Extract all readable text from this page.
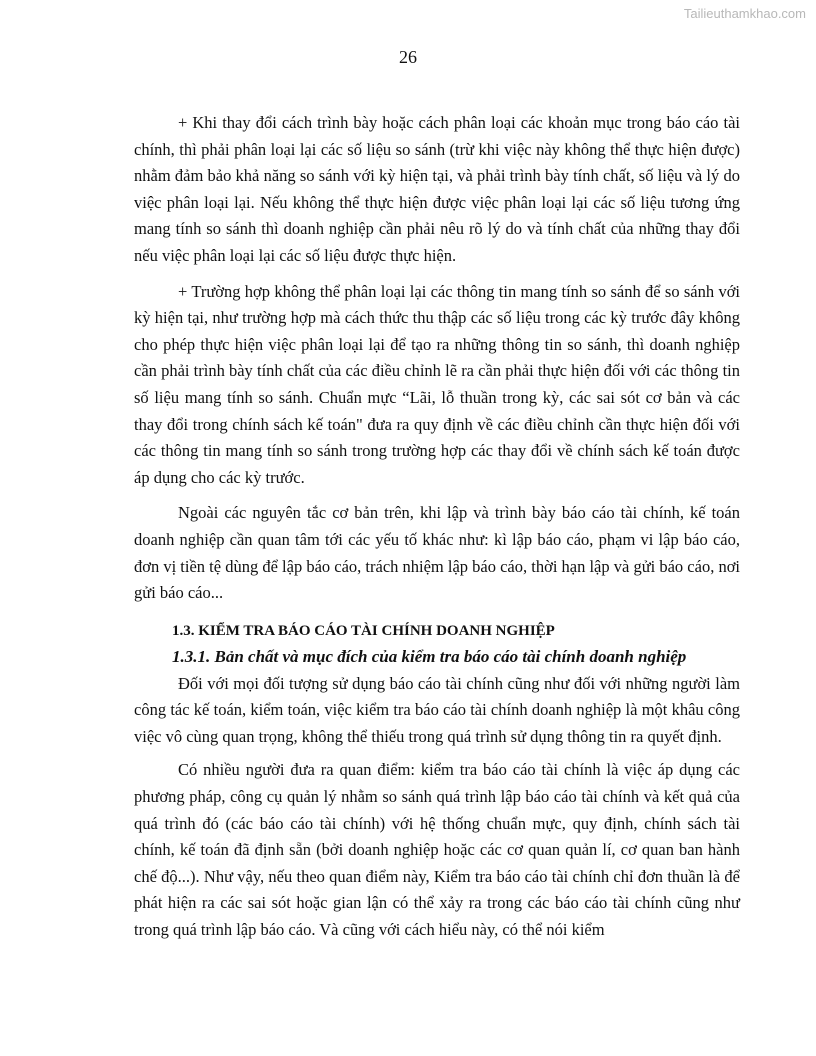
Tailieuthamkhao.com
26

+ Khi thay đổi cách trình bày hoặc cách phân loại các khoản mục trong báo cáo tài chính, thì phải phân loại lại các số liệu so sánh (trừ khi việc này không thể thực hiện được) nhằm đảm bảo khả năng so sánh với kỳ hiện tại, và phải trình bày tính chất, số liệu và lý do việc phân loại lại. Nếu không thể thực hiện được việc phân loại lại các số liệu tương ứng mang tính so sánh thì doanh nghiệp cần phải nêu rõ lý do và tính chất của những thay đổi nếu việc phân loại lại các số liệu được thực hiện.

+ Trường hợp không thể phân loại lại các thông tin mang tính so sánh để so sánh với kỳ hiện tại, như trường hợp mà cách thức thu thập các số liệu trong các kỳ trước đây không cho phép thực hiện việc phân loại lại để tạo ra những thông tin so sánh, thì doanh nghiệp cần phải trình bày tính chất của các điều chỉnh lẽ ra cần phải thực hiện đối với các thông tin số liệu mang tính so sánh. Chuẩn mực “Lãi, lỗ thuần trong kỳ, các sai sót cơ bản và các thay đổi trong chính sách kế toán" đưa ra quy định về các điều chỉnh cần thực hiện đối với các thông tin mang tính so sánh trong trường hợp các thay đổi về chính sách kế toán được áp dụng cho các kỳ trước.

Ngoài các nguyên tắc cơ bản trên, khi lập và trình bày báo cáo tài chính, kế toán doanh nghiệp cần quan tâm tới các yếu tố khác như: kì lập báo cáo, phạm vi lập báo cáo, đơn vị tiền tệ dùng để lập báo cáo, trách nhiệm lập báo cáo, thời hạn lập và gửi báo cáo, nơi gửi báo cáo...

1.3. KIỂM TRA BÁO CÁO TÀI CHÍNH DOANH NGHIỆP
1.3.1. Bản chất và mục đích của kiểm tra báo cáo tài chính doanh nghiệp

Đối với mọi đối tượng sử dụng báo cáo tài chính cũng như đối với những người làm công tác kế toán, kiểm toán, việc kiểm tra báo cáo tài chính doanh nghiệp là một khâu công việc vô cùng quan trọng, không thể thiếu trong quá trình sử dụng thông tin ra quyết định.

Có nhiều người đưa ra quan điểm: kiểm tra báo cáo tài chính là việc áp dụng các phương pháp, công cụ quản lý nhằm so sánh quá trình lập báo cáo tài chính và kết quả của quá trình đó (các báo cáo tài chính) với hệ thống chuẩn mực, quy định, chính sách tài chính, kế toán đã định sẵn (bởi doanh nghiệp hoặc các cơ quan quản lí, cơ quan ban hành chế độ...). Như vậy, nếu theo quan điểm này, Kiểm tra báo cáo tài chính chỉ đơn thuần là để phát hiện ra các sai sót hoặc gian lận có thể xảy ra trong các báo cáo tài chính cũng như trong quá trình lập báo cáo. Và cũng với cách hiểu này, có thể nói kiểm
